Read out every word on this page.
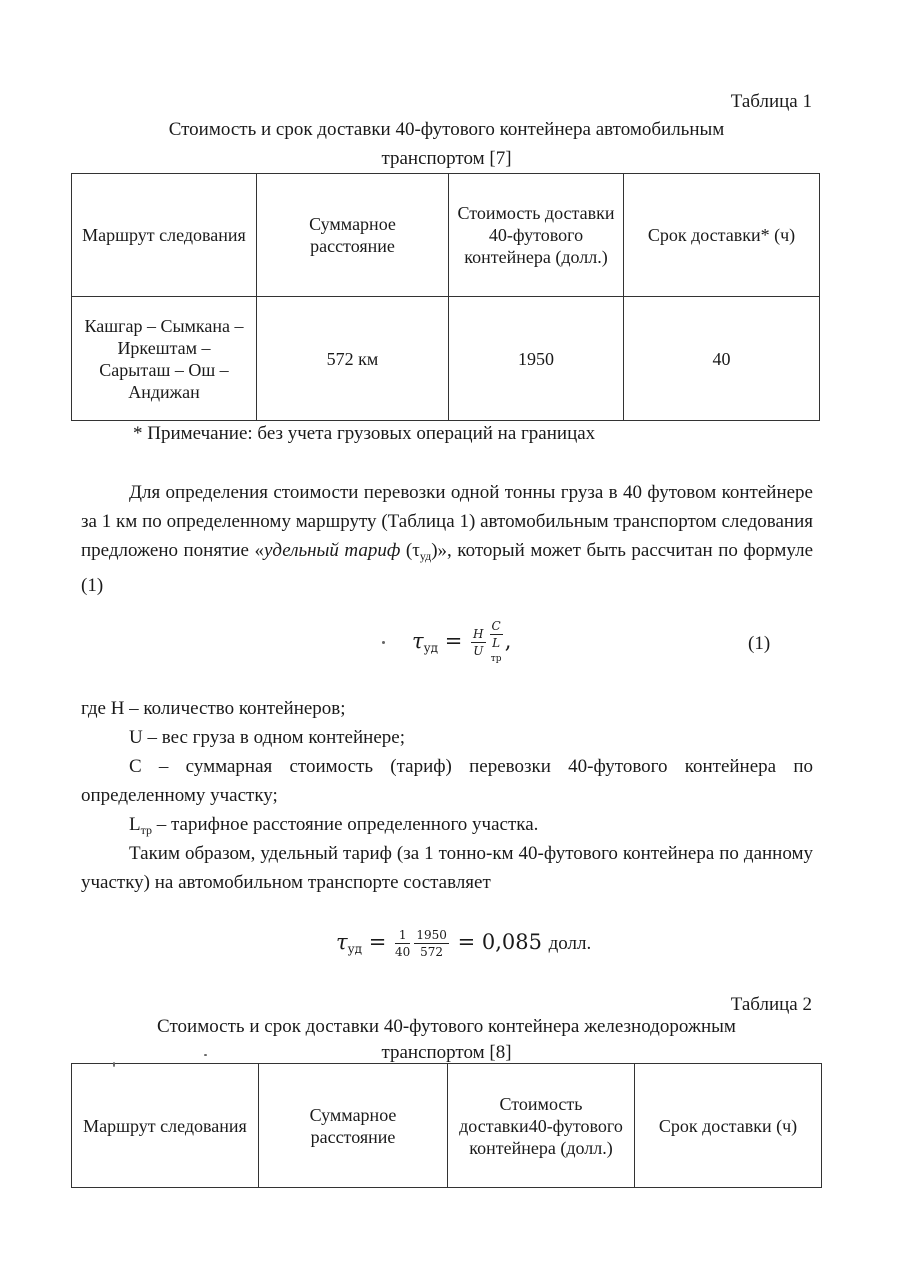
Таблица 1
Стоимость и срок доставки 40-футового контейнера автомобильным
транспортом [7]
Маршрут следования	Суммарное расстояние	Стоимость доставки 40-футового контейнера (долл.)	Срок доставки* (ч)
Кашгар – Сымкана – Иркештам – Сарыташ – Ош – Андижан	572 км	1950	40
* Примечание: без учета грузовых операций на границах
Для определения стоимости перевозки одной тонны груза в 40 футовом контейнере за 1 км по определенному маршруту (Таблица 1) автомобильным транспортом следования предложено понятие «удельный тариф $(\tau_{уд})$», который может быть рассчитан по формуле (1)
$\tau_{уд} = \frac{H}{U}$ C
L
тр ,	(1)
где H – количество контейнеров;
U – вес груза в одном контейнере;
C – суммарная стоимость (тариф) перевозки 40-футового контейнера по определенному участку;
$L_{тр}$ – тарифное расстояние определенного участка.
Таким образом, удельный тариф (за 1 тонно-км 40-футового контейнера по данному участку) на автомобильном транспорте составляет
$\tau_{уд} = \frac{1}{40} \frac{1950}{572} = 0,085$ долл.
Таблица 2
Стоимость и срок доставки 40-футового контейнера железнодорожным
транспортом [8]
Маршрут следования	Суммарное расстояние	Стоимость доставки40-футового контейнера (долл.)	Срок доставки (ч)
